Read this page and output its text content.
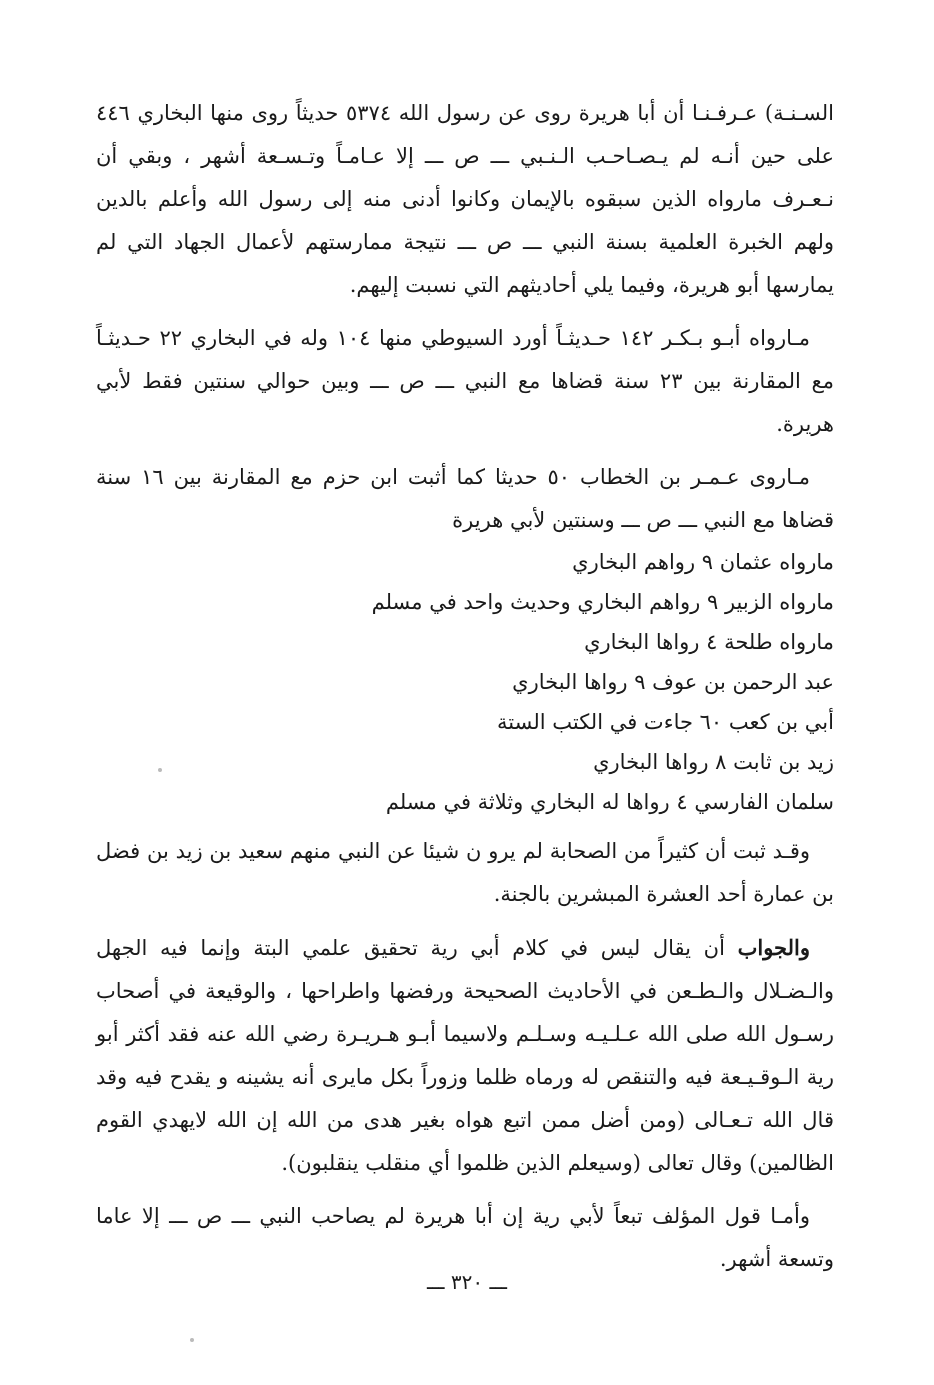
السـنـة) عـرفـنـا أن أبا هريرة روى عن رسول الله ٥٣٧٤ حديثاً روى منها البخاري ٤٤٦ على حين أنـه لم يـصـاحـب الـنـبي ـــ ص ـــ إلا عـامـاً وتـسـعة أشهر ، وبقي أن نـعـرف مارواه الذين سبقوه بالإيمان وكانوا أدنى منه إلى رسول الله وأعلم بالدين ولهم الخبرة العلمية بسنة النبي ـــ ص ـــ نتيجة ممارستهم لأعمال الجهاد التي لم يمارسها أبو هريرة، وفيما يلي أحاديثهم التي نسبت إليهم.

مـارواه أبـو بـكـر ١٤٢ حـديثـاً أورد السيوطي منها ١٠٤ وله في البخاري ٢٢ حـديثـاً مع المقارنة بين ٢٣ سنة قضاها مع النبي ـــ ص ـــ وبين حوالي سنتين فقط لأبي هريرة.

مـاروى عـمـر بن الخطاب ٥٠ حديثا كما أثبت ابن حزم مع المقارنة بين ١٦ سنة قضاها مع النبي ـــ ص ـــ وسنتين لأبي هريرة

مارواه عثمان ٩ رواهم البخاري

مارواه الزبير ٩ رواهم البخاري وحديث واحد في مسلم

مارواه طلحة ٤ رواها البخاري

عبد الرحمن بن عوف ٩ رواها البخاري

أبي بن كعب ٦٠ جاءت في الكتب الستة

زيد بن ثابت ٨ رواها البخاري

سلمان الفارسي ٤ رواها له البخاري وثلاثة في مسلم

وقـد ثبت أن كثيراً من الصحابة لم يرو ن شيئا عن النبي منهم سعيد بن زيد بن فضل بن عمارة أحد العشرة المبشرين بالجنة.

والجواب أن يقال ليس في كلام أبي رية تحقيق علمي البتة وإنما فيه الجهل والـضـلال والـطـعن في الأحاديث الصحيحة ورفضها واطراحها ، والوقيعة في أصحاب رسـول الله صلى الله عـلـيـه وسـلـم ولاسيما أبـو هـريـرة رضي الله عنه فقد أكثر أبو رية الـوقـيـعة فيه والتنقص له ورماه ظلما وزوراً بكل مايرى أنه يشينه و يقدح فيه وقد قال الله تـعـالى (ومن أضل ممن اتبع هواه بغير هدى من الله إن الله لايهدي القوم الظالمين) وقال تعالى (وسيعلم الذين ظلموا أي منقلب ينقلبون).

وأمـا قول المؤلف تبعاً لأبي رية إن أبا هريرة لم يصاحب النبي ـــ ص ـــ إلا عاما وتسعة أشهر.

ـــ ٣٢٠ ـــ
